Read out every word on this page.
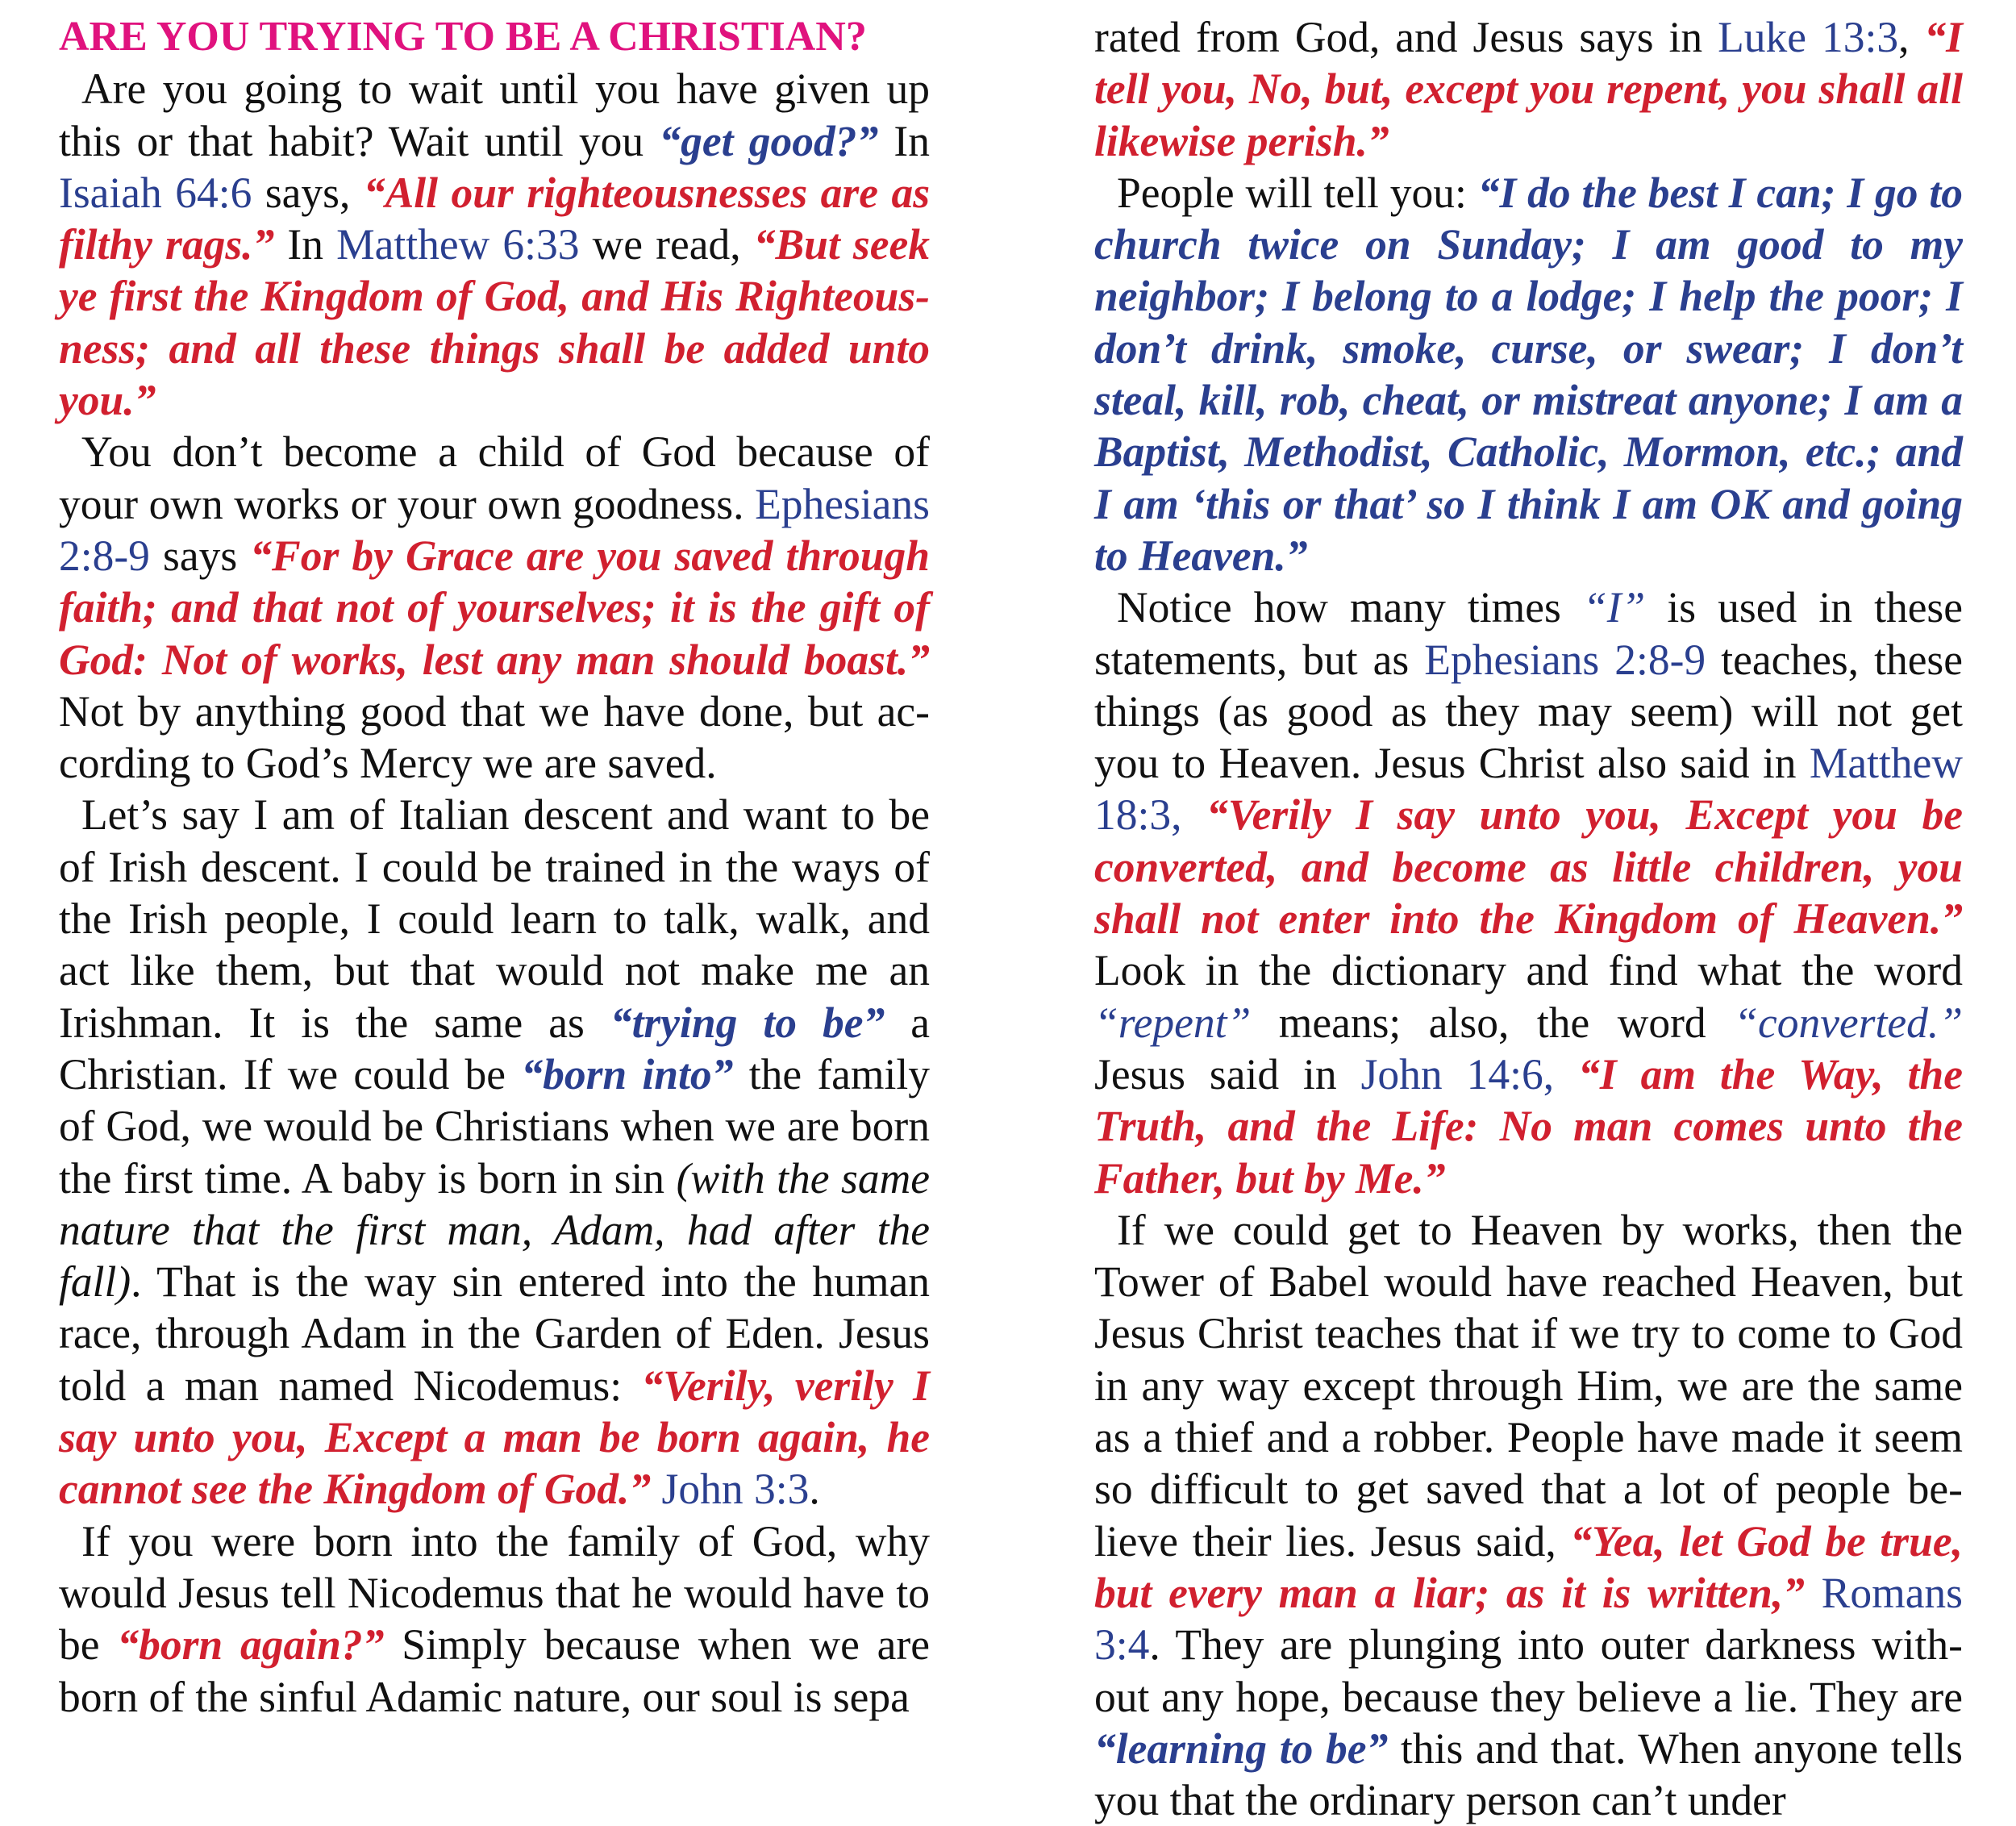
ARE YOU TRYING TO BE A CHRISTIAN?

Are you going to wait until you have given up this or that habit? Wait until you “get good?” In Isaiah 64:6 says, “All our righteousnesses are as filthy rags.” In Matthew 6:33 we read, “But seek ye first the Kingdom of God, and His Righteousness; and all these things shall be added unto you.”

You don’t become a child of God because of your own works or your own goodness. Ephesians 2:8-9 says “For by Grace are you saved through faith; and that not of yourselves; it is the gift of God: Not of works, lest any man should boast.” Not by anything good that we have done, but according to God’s Mercy we are saved.

Let’s say I am of Italian descent and want to be of Irish descent. I could be trained in the ways of the Irish people, I could learn to talk, walk, and act like them, but that would not make me an Irishman. It is the same as “trying to be” a Christian. If we could be “born into” the family of God, we would be Christians when we are born the first time. A baby is born in sin (with the same nature that the first man, Adam, had after the fall). That is the way sin entered into the human race, through Adam in the Garden of Eden. Jesus told a man named Nicodemus: “Verily, verily I say unto you, Except a man be born again, he cannot see the Kingdom of God.” John 3:3.

If you were born into the family of God, why would Jesus tell Nicodemus that he would have to be “born again?” Simply because when we are born of the sinful Adamic nature, our soul is sepa

rated from God, and Jesus says in Luke 13:3, “I tell you, No, but, except you repent, you shall all likewise perish.”

People will tell you: “I do the best I can; I go to church twice on Sunday; I am good to my neighbor; I belong to a lodge; I help the poor; I don’t drink, smoke, curse, or swear; I don’t steal, kill, rob, cheat, or mistreat anyone; I am a Baptist, Methodist, Catholic, Mormon, etc.; and I am ‘this or that’ so I think I am OK and going to Heaven.”

Notice how many times “I” is used in these statements, but as Ephesians 2:8-9 teaches, these things (as good as they may seem) will not get you to Heaven. Jesus Christ also said in Matthew 18:3, “Verily I say unto you, Except you be converted, and become as little children, you shall not enter into the Kingdom of Heaven.” Look in the dictionary and find what the word “repent” means; also, the word “converted.” Jesus said in John 14:6, “I am the Way, the Truth, and the Life: No man comes unto the Father, but by Me.”

If we could get to Heaven by works, then the Tower of Babel would have reached Heaven, but Jesus Christ teaches that if we try to come to God in any way except through Him, we are the same as a thief and a robber. People have made it seem so difficult to get saved that a lot of people believe their lies. Jesus said, “Yea, let God be true, but every man a liar; as it is written,” Romans 3:4. They are plunging into outer darkness without any hope, because they believe a lie. They are “learning to be” this and that. When anyone tells you that the ordinary person can’t under
